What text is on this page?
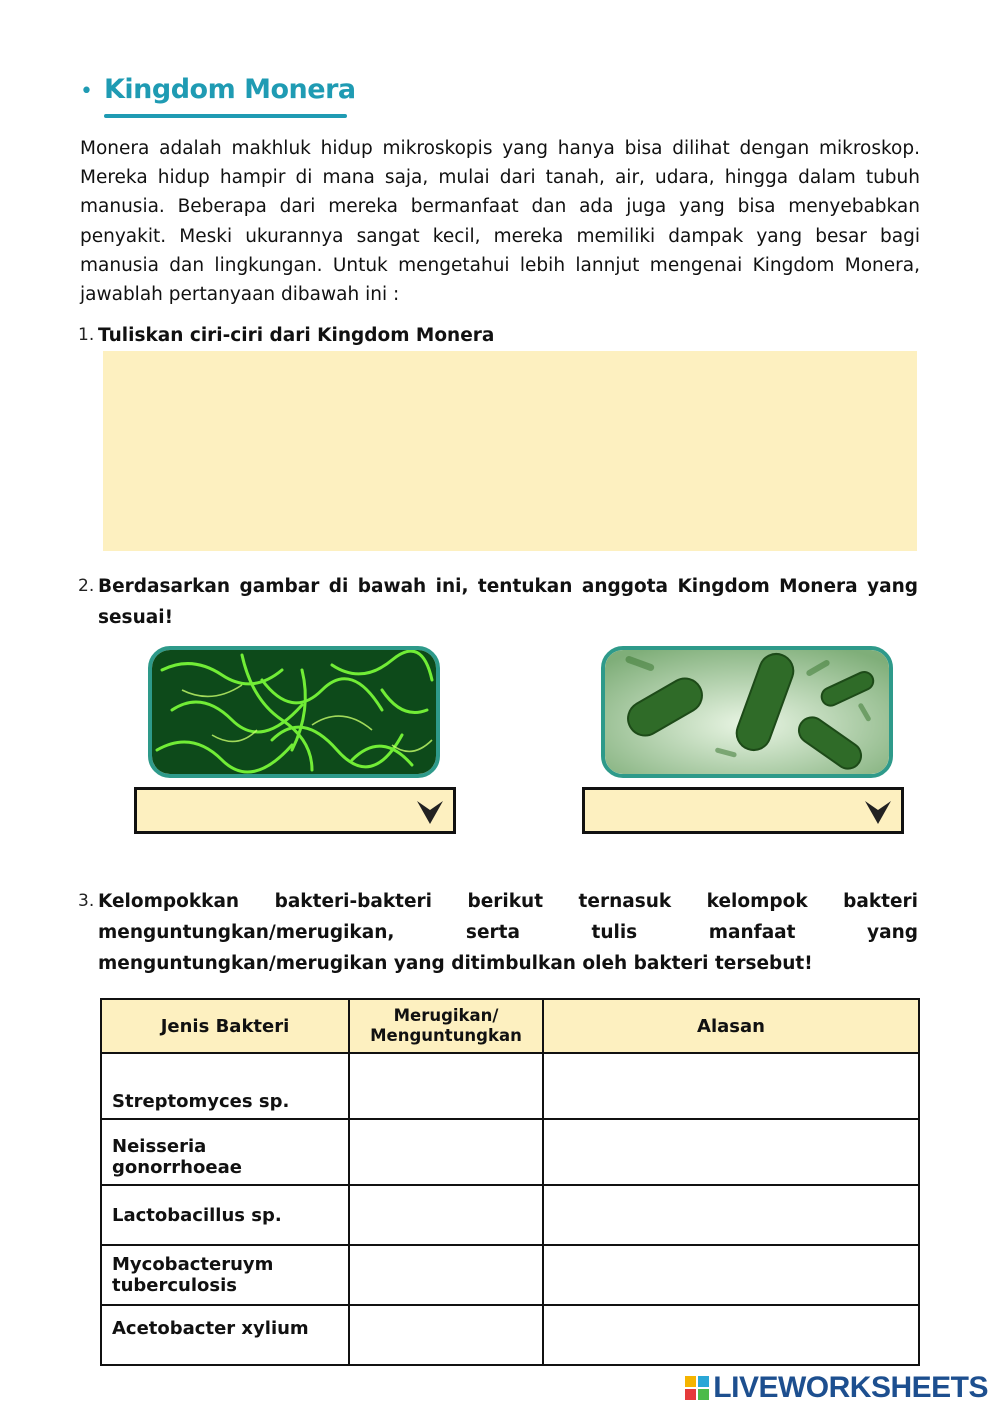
• Kingdom Monera
Monera adalah makhluk hidup mikroskopis yang hanya bisa dilihat dengan mikroskop. Mereka hidup hampir di mana saja, mulai dari tanah, air, udara, hingga dalam tubuh manusia. Beberapa dari mereka bermanfaat dan ada juga yang bisa menyebabkan penyakit. Meski ukurannya sangat kecil, mereka memiliki dampak yang besar bagi manusia dan lingkungan. Untuk mengetahui lebih lannjut mengenai Kingdom Monera, jawablah pertanyaan dibawah ini :
1. Tuliskan ciri-ciri dari Kingdom Monera
2. Berdasarkan gambar di bawah ini, tentukan anggota Kingdom Monera yang sesuai!
3. Kelompokkan bakteri-bakteri berikut ternasuk kelompok bakteri menguntungkan/merugikan, serta tulis manfaat yang menguntungkan/merugikan yang ditimbulkan oleh bakteri tersebut!
Jenis Bakteri	Merugikan/ Menguntungkan	Alasan
Streptomyces sp.		
Neisseria gonorrhoeae		
Lactobacillus sp.		
Mycobacteruym tuberculosis		
Acetobacter xylium		
LIVEWORKSHEETS
